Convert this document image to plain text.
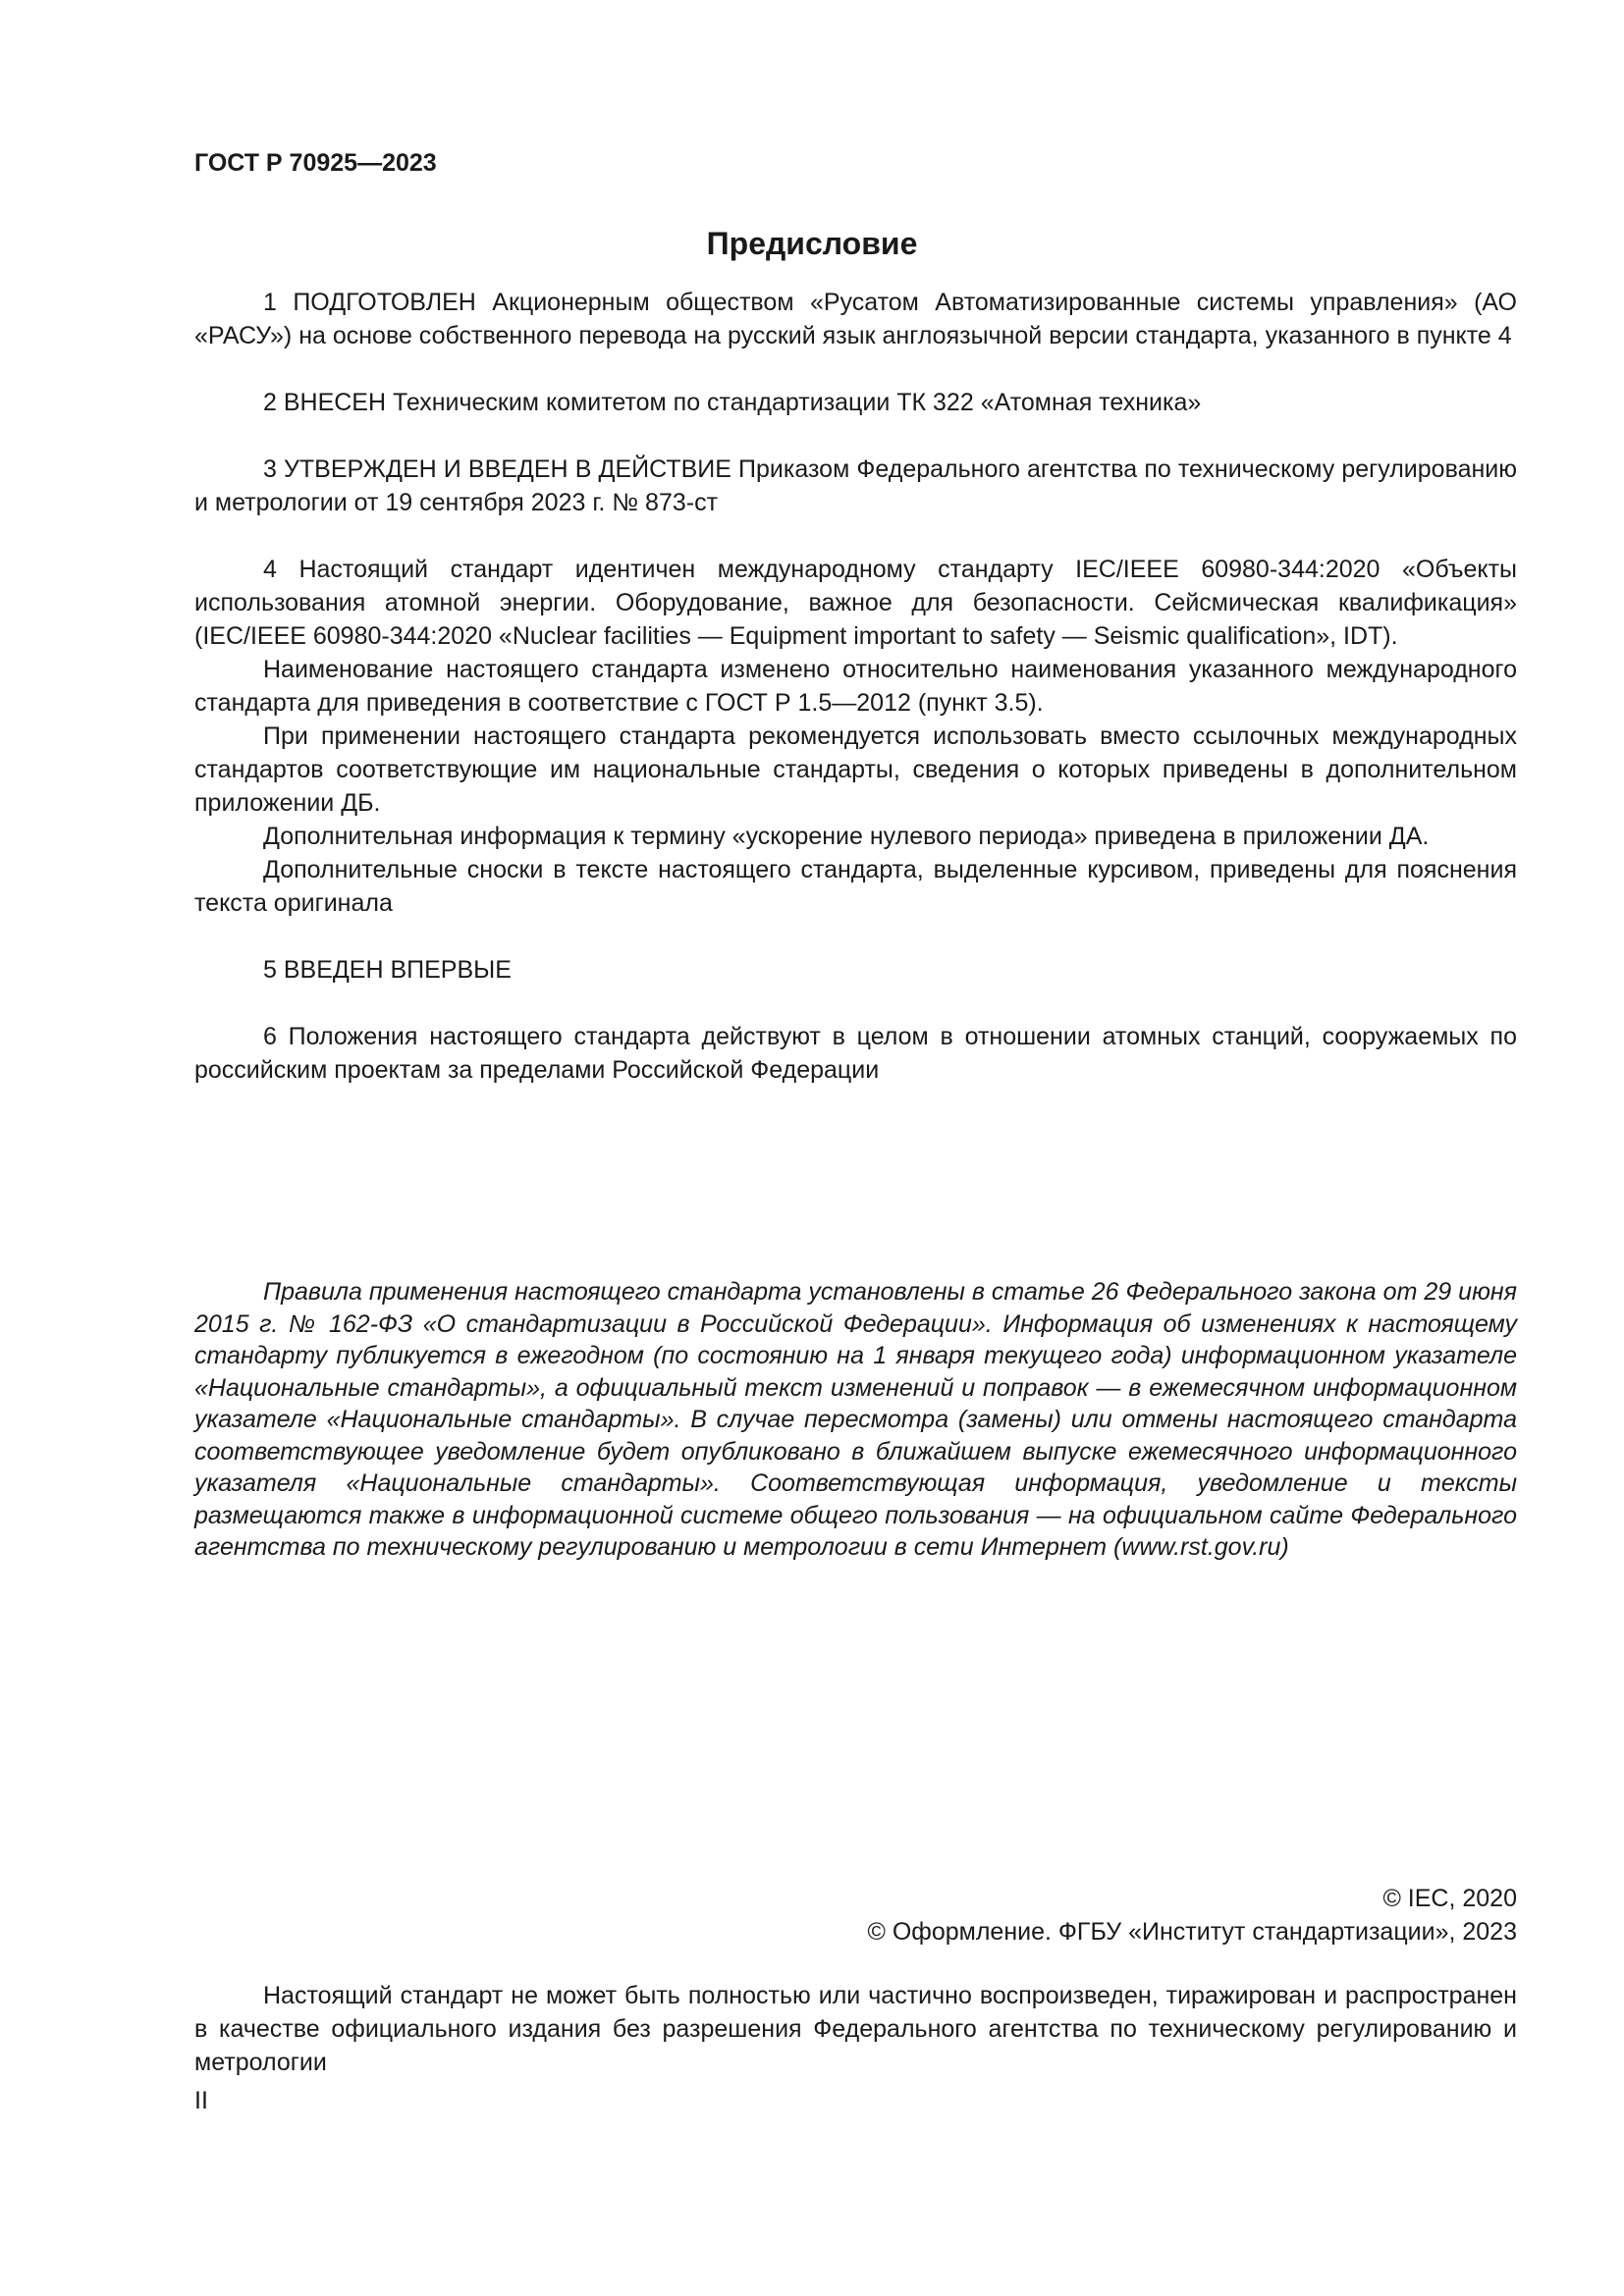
ГОСТ Р 70925—2023
Предисловие

1 ПОДГОТОВЛЕН Акционерным обществом «Русатом Автоматизированные системы управления» (АО «РАСУ») на основе собственного перевода на русский язык англоязычной версии стандарта, указанного в пункте 4

2 ВНЕСЕН Техническим комитетом по стандартизации ТК 322 «Атомная техника»

3 УТВЕРЖДЕН И ВВЕДЕН В ДЕЙСТВИЕ Приказом Федерального агентства по техническому регулированию и метрологии от 19 сентября 2023 г. № 873-ст

4 Настоящий стандарт идентичен международному стандарту IEC/IEEE 60980-344:2020 «Объекты использования атомной энергии. Оборудование, важное для безопасности. Сейсмическая квалификация» (IEC/IEEE 60980-344:2020 «Nuclear facilities — Equipment important to safety — Seismic qualification», IDT).

Наименование настоящего стандарта изменено относительно наименования указанного международного стандарта для приведения в соответствие с ГОСТ Р 1.5—2012 (пункт 3.5).

При применении настоящего стандарта рекомендуется использовать вместо ссылочных международных стандартов соответствующие им национальные стандарты, сведения о которых приведены в дополнительном приложении ДБ.

Дополнительная информация к термину «ускорение нулевого периода» приведена в приложении ДА.

Дополнительные сноски в тексте настоящего стандарта, выделенные курсивом, приведены для пояснения текста оригинала

5 ВВЕДЕН ВПЕРВЫЕ

6 Положения настоящего стандарта действуют в целом в отношении атомных станций, сооружаемых по российским проектам за пределами Российской Федерации

Правила применения настоящего стандарта установлены в статье 26 Федерального закона от 29 июня 2015 г. № 162-ФЗ «О стандартизации в Российской Федерации». Информация об изменениях к настоящему стандарту публикуется в ежегодном (по состоянию на 1 января текущего года) информационном указателе «Национальные стандарты», а официальный текст изменений и поправок — в ежемесячном информационном указателе «Национальные стандарты». В случае пересмотра (замены) или отмены настоящего стандарта соответствующее уведомление будет опубликовано в ближайшем выпуске ежемесячного информационного указателя «Национальные стандарты». Соответствующая информация, уведомление и тексты размещаются также в информационной системе общего пользования — на официальном сайте Федерального агентства по техническому регулированию и метрологии в сети Интернет (www.rst.gov.ru)

© IEC, 2020
© Оформление. ФГБУ «Институт стандартизации», 2023

Настоящий стандарт не может быть полностью или частично воспроизведен, тиражирован и распространен в качестве официального издания без разрешения Федерального агентства по техническому регулированию и метрологии

II
